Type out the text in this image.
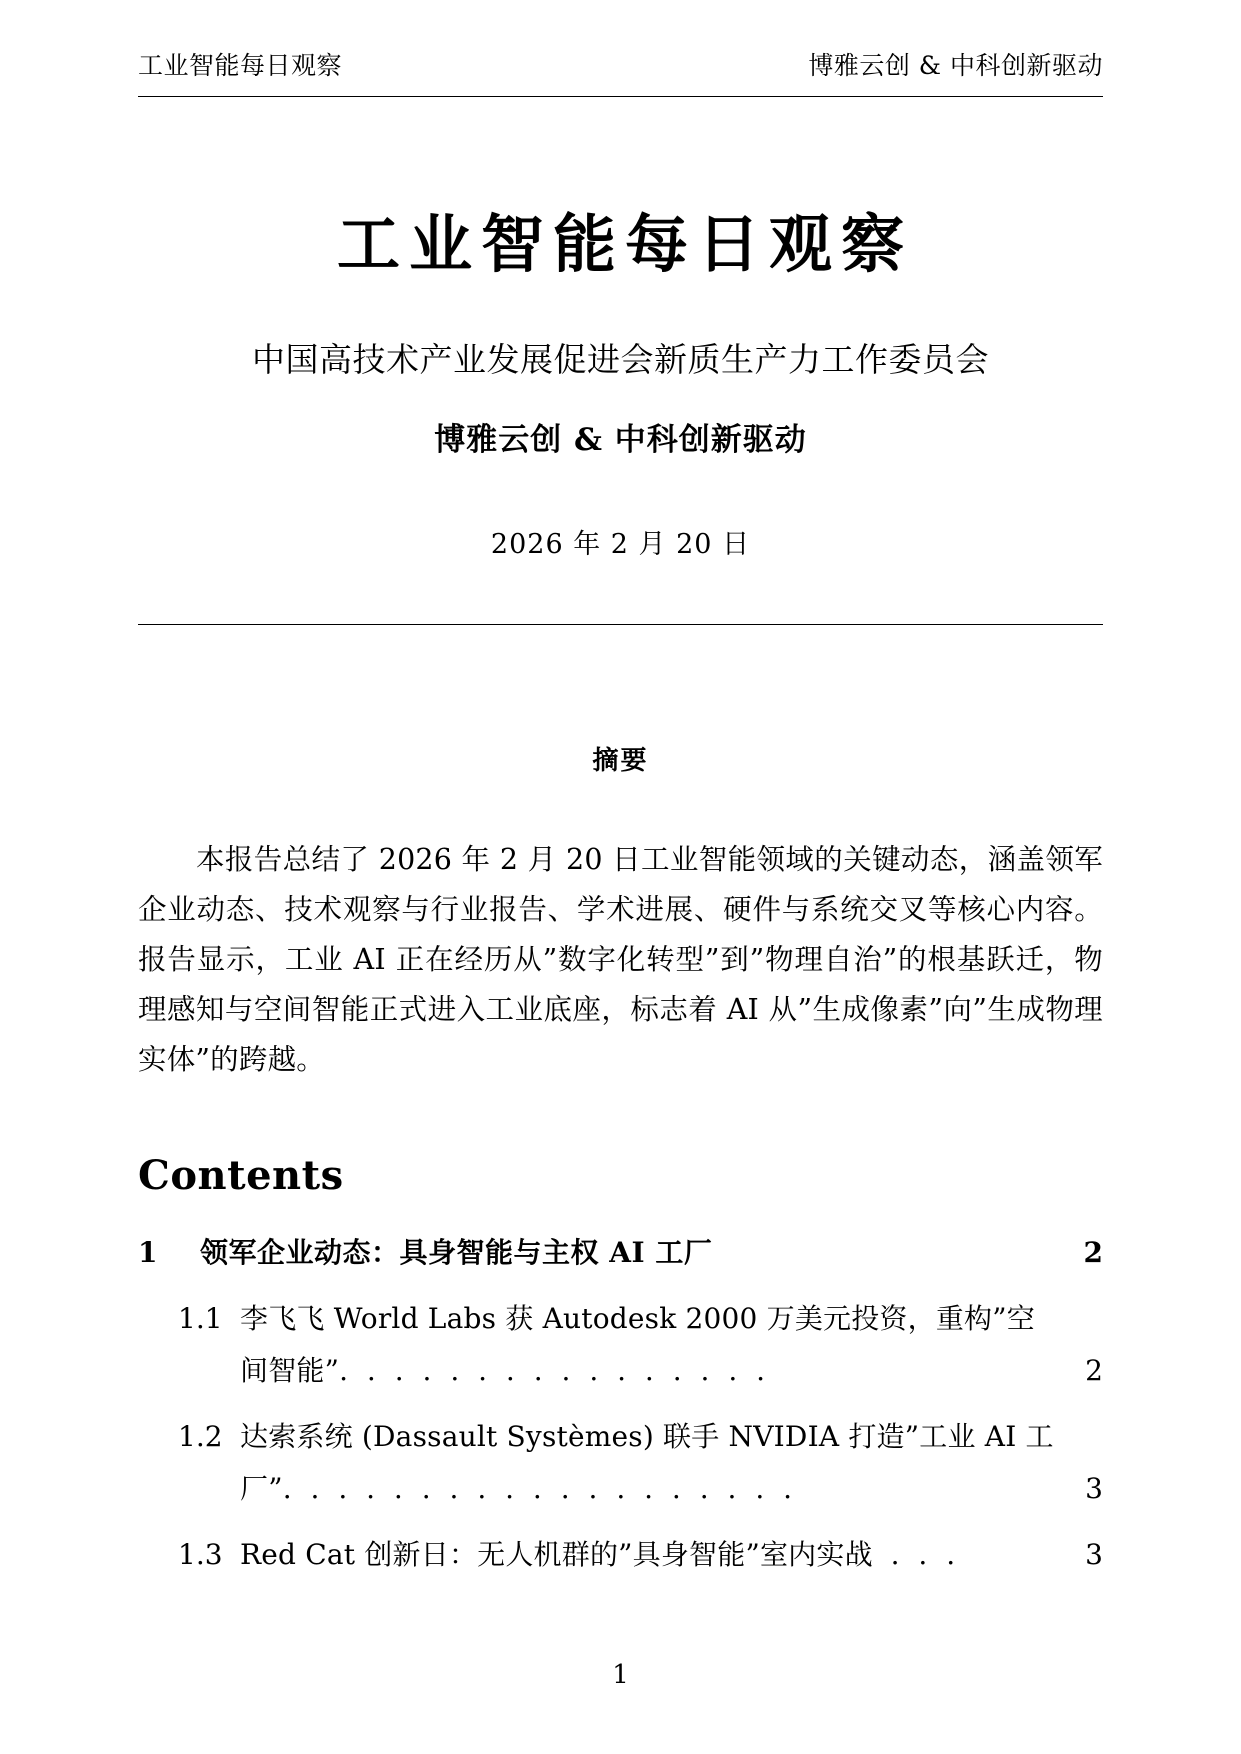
工业智能每日观察	博雅云创 & 中科创新驱动
工业智能每日观察
中国高技术产业发展促进会新质生产力工作委员会
博雅云创 & 中科创新驱动
2026 年 2 月 20 日
摘要

本报告总结了 2026 年 2 月 20 日工业智能领域的关键动态，涵盖领军企业动态、技术观察与行业报告、学术进展、硬件与系统交叉等核心内容。报告显示，工业 AI 正在经历从”数字化转型”到”物理自治”的根基跃迁，物理感知与空间智能正式进入工业底座，标志着 AI 从”生成像素”向”生成物理实体”的跨越。

Contents
1	领军企业动态：具身智能与主权 AI 工厂	2
1.1 李飞飞 World Labs 获 Autodesk 2000 万美元投资，重构”空间智能”. . . . . . . . . . . . . . . .	2
1.2 达索系统 (Dassault Systèmes) 联手 NVIDIA 打造”工业 AI 工厂”. . . . . . . . . . . . . . . . . . .	3
1.3 Red Cat 创新日：无人机群的”具身智能”室内实战 . . .	3
1
